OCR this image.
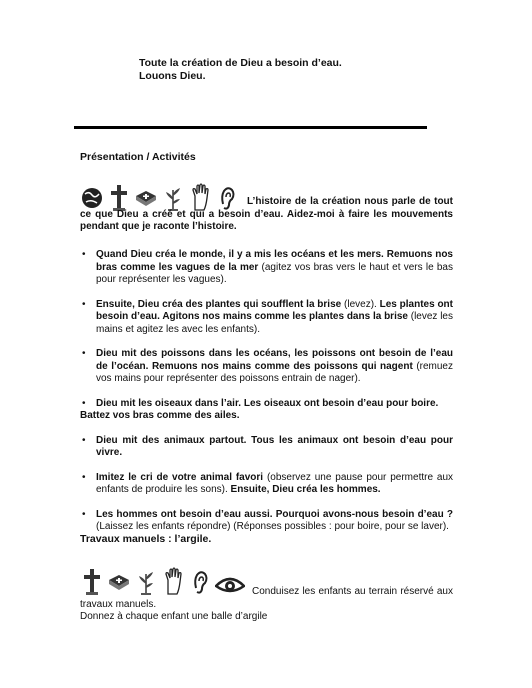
Toute la création de Dieu a besoin d’eau.
Louons Dieu.
Présentation / Activités
L’histoire de la création nous parle de tout ce que Dieu a créé et qui a besoin d’eau. Aidez-moi à faire les mouvements pendant que je raconte l’histoire.
• Quand Dieu créa le monde, il y a mis les océans et les mers. Remuons nos bras comme les vagues de la mer (agitez vos bras vers le haut et vers le bas pour représenter les vagues).
• Ensuite, Dieu créa des plantes qui soufflent la brise (levez). Les plantes ont besoin d’eau. Agitons nos mains comme les plantes dans la brise (levez les mains et agitez les avec les enfants).
• Dieu mit des poissons dans les océans, les poissons ont besoin de l’eau de l’océan. Remuons nos mains comme des poissons qui nagent (remuez vos mains pour représenter des poissons entrain de nager).
• Dieu mit les oiseaux dans l’air. Les oiseaux ont besoin d’eau pour boire.
Battez vos bras comme des ailes.
• Dieu mit des animaux partout. Tous les animaux ont besoin d’eau pour vivre.
• Imitez le cri de votre animal favori (observez une pause pour permettre aux enfants de produire les sons). Ensuite, Dieu créa les hommes.
• Les hommes ont besoin d’eau aussi. Pourquoi avons-nous besoin d’eau ? (Laissez les enfants répondre) (Réponses possibles : pour boire, pour se laver).
Travaux manuels : l’argile.
Conduisez les enfants au terrain réservé aux travaux manuels.
Donnez à chaque enfant une balle d’argile
